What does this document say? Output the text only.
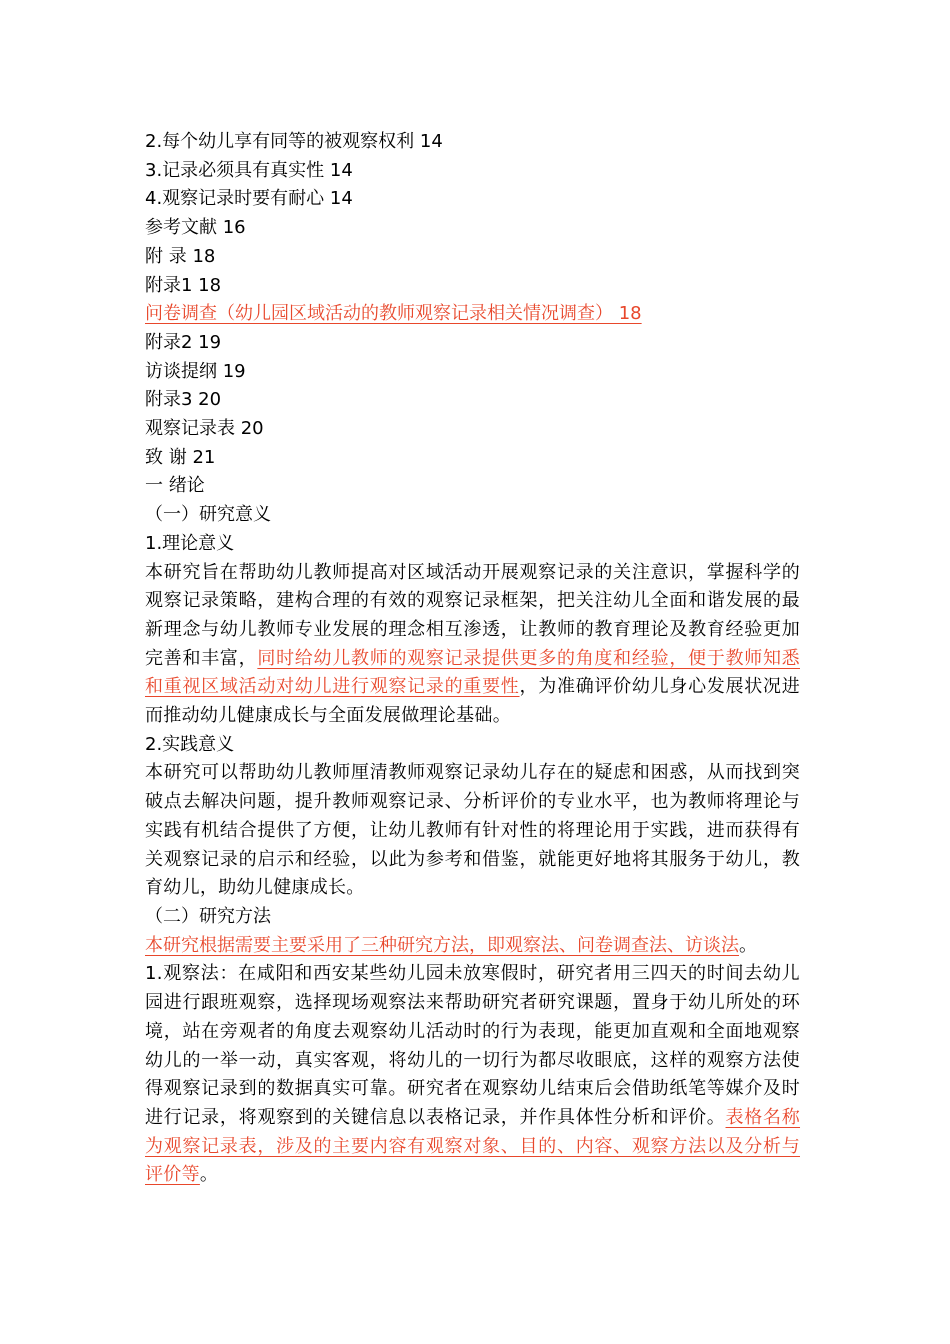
2.每个幼儿享有同等的被观察权利 14
3.记录必须具有真实性 14
4.观察记录时要有耐心 14
参考文献 16
附 录 18
附录1 18
问卷调查（幼儿园区域活动的教师观察记录相关情况调查） 18
附录2 19
访谈提纲 19
附录3 20
观察记录表 20
致 谢 21
一 绪论
（一）研究意义
1.理论意义
本研究旨在帮助幼儿教师提高对区域活动开展观察记录的关注意识，掌握科学的观察记录策略，建构合理的有效的观察记录框架，把关注幼儿全面和谐发展的最新理念与幼儿教师专业发展的理念相互渗透，让教师的教育理论及教育经验更加完善和丰富，同时给幼儿教师的观察记录提供更多的角度和经验，便于教师知悉和重视区域活动对幼儿进行观察记录的重要性，为准确评价幼儿身心发展状况进而推动幼儿健康成长与全面发展做理论基础。
2.实践意义
本研究可以帮助幼儿教师厘清教师观察记录幼儿存在的疑虑和困惑，从而找到突破点去解决问题，提升教师观察记录、分析评价的专业水平，也为教师将理论与实践有机结合提供了方便，让幼儿教师有针对性的将理论用于实践，进而获得有关观察记录的启示和经验，以此为参考和借鉴，就能更好地将其服务于幼儿，教育幼儿，助幼儿健康成长。
（二）研究方法
本研究根据需要主要采用了三种研究方法，即观察法、问卷调查法、访谈法。
1.观察法：在咸阳和西安某些幼儿园未放寒假时，研究者用三四天的时间去幼儿园进行跟班观察，选择现场观察法来帮助研究者研究课题，置身于幼儿所处的环境，站在旁观者的角度去观察幼儿活动时的行为表现，能更加直观和全面地观察幼儿的一举一动，真实客观，将幼儿的一切行为都尽收眼底，这样的观察方法使得观察记录到的数据真实可靠。研究者在观察幼儿结束后会借助纸笔等媒介及时进行记录，将观察到的关键信息以表格记录，并作具体性分析和评价。表格名称为观察记录表，涉及的主要内容有观察对象、目的、内容、观察方法以及分析与评价等。
